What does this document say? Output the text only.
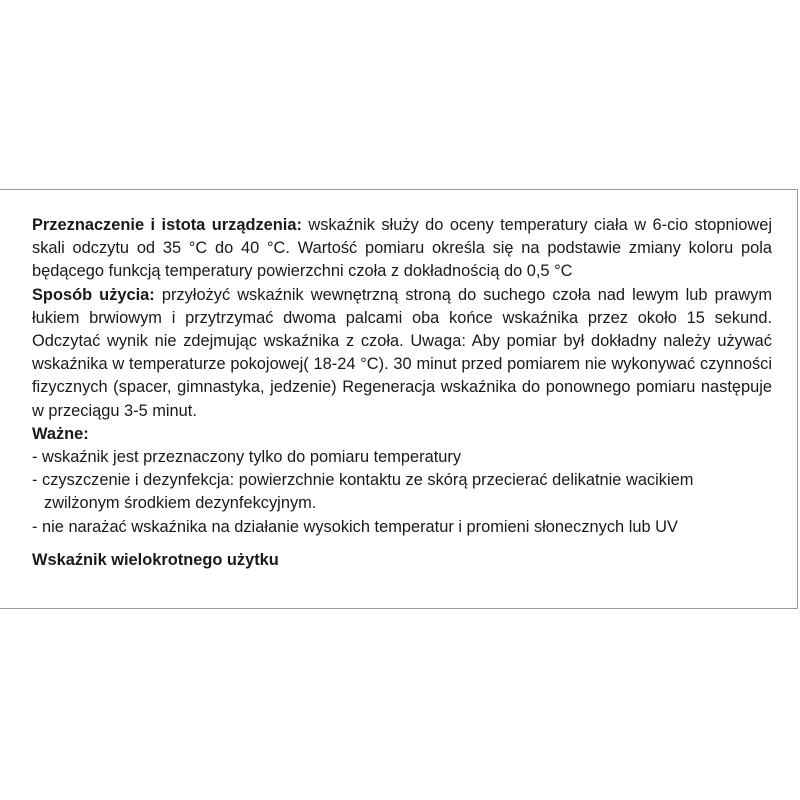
Przeznaczenie i istota urządzenia: wskaźnik służy do oceny temperatury ciała w 6-cio stopniowej skali odczytu od 35 °C do 40 °C. Wartość pomiaru określa się na podstawie zmiany koloru pola będącego funkcją temperatury powierzchni czoła z dokładnością do 0,5 °C

Sposób użycia: przyłożyć wskaźnik wewnętrzną stroną do suchego czoła nad lewym lub prawym łukiem brwiowym i przytrzymać dwoma palcami oba końce wskaźnika przez około 15 sekund. Odczytać wynik nie zdejmując wskaźnika z czoła. Uwaga: Aby pomiar był dokładny należy używać wskaźnika w temperaturze pokojowej( 18-24 °C). 30 minut przed pomiarem nie wykonywać czynności fizycznych (spacer, gimnastyka, jedzenie) Regeneracja wskaźnika do ponownego pomiaru następuje w przeciągu 3-5 minut.

Ważne:
- wskaźnik jest przeznaczony tylko do pomiaru temperatury
- czyszczenie i dezynfekcja: powierzchnie kontaktu ze skórą przecierać delikatnie wacikiem zwilżonym środkiem dezynfekcyjnym.
- nie narażać wskaźnika na działanie wysokich temperatur i promieni słonecznych lub UV
Wskaźnik wielokrotnego użytku
